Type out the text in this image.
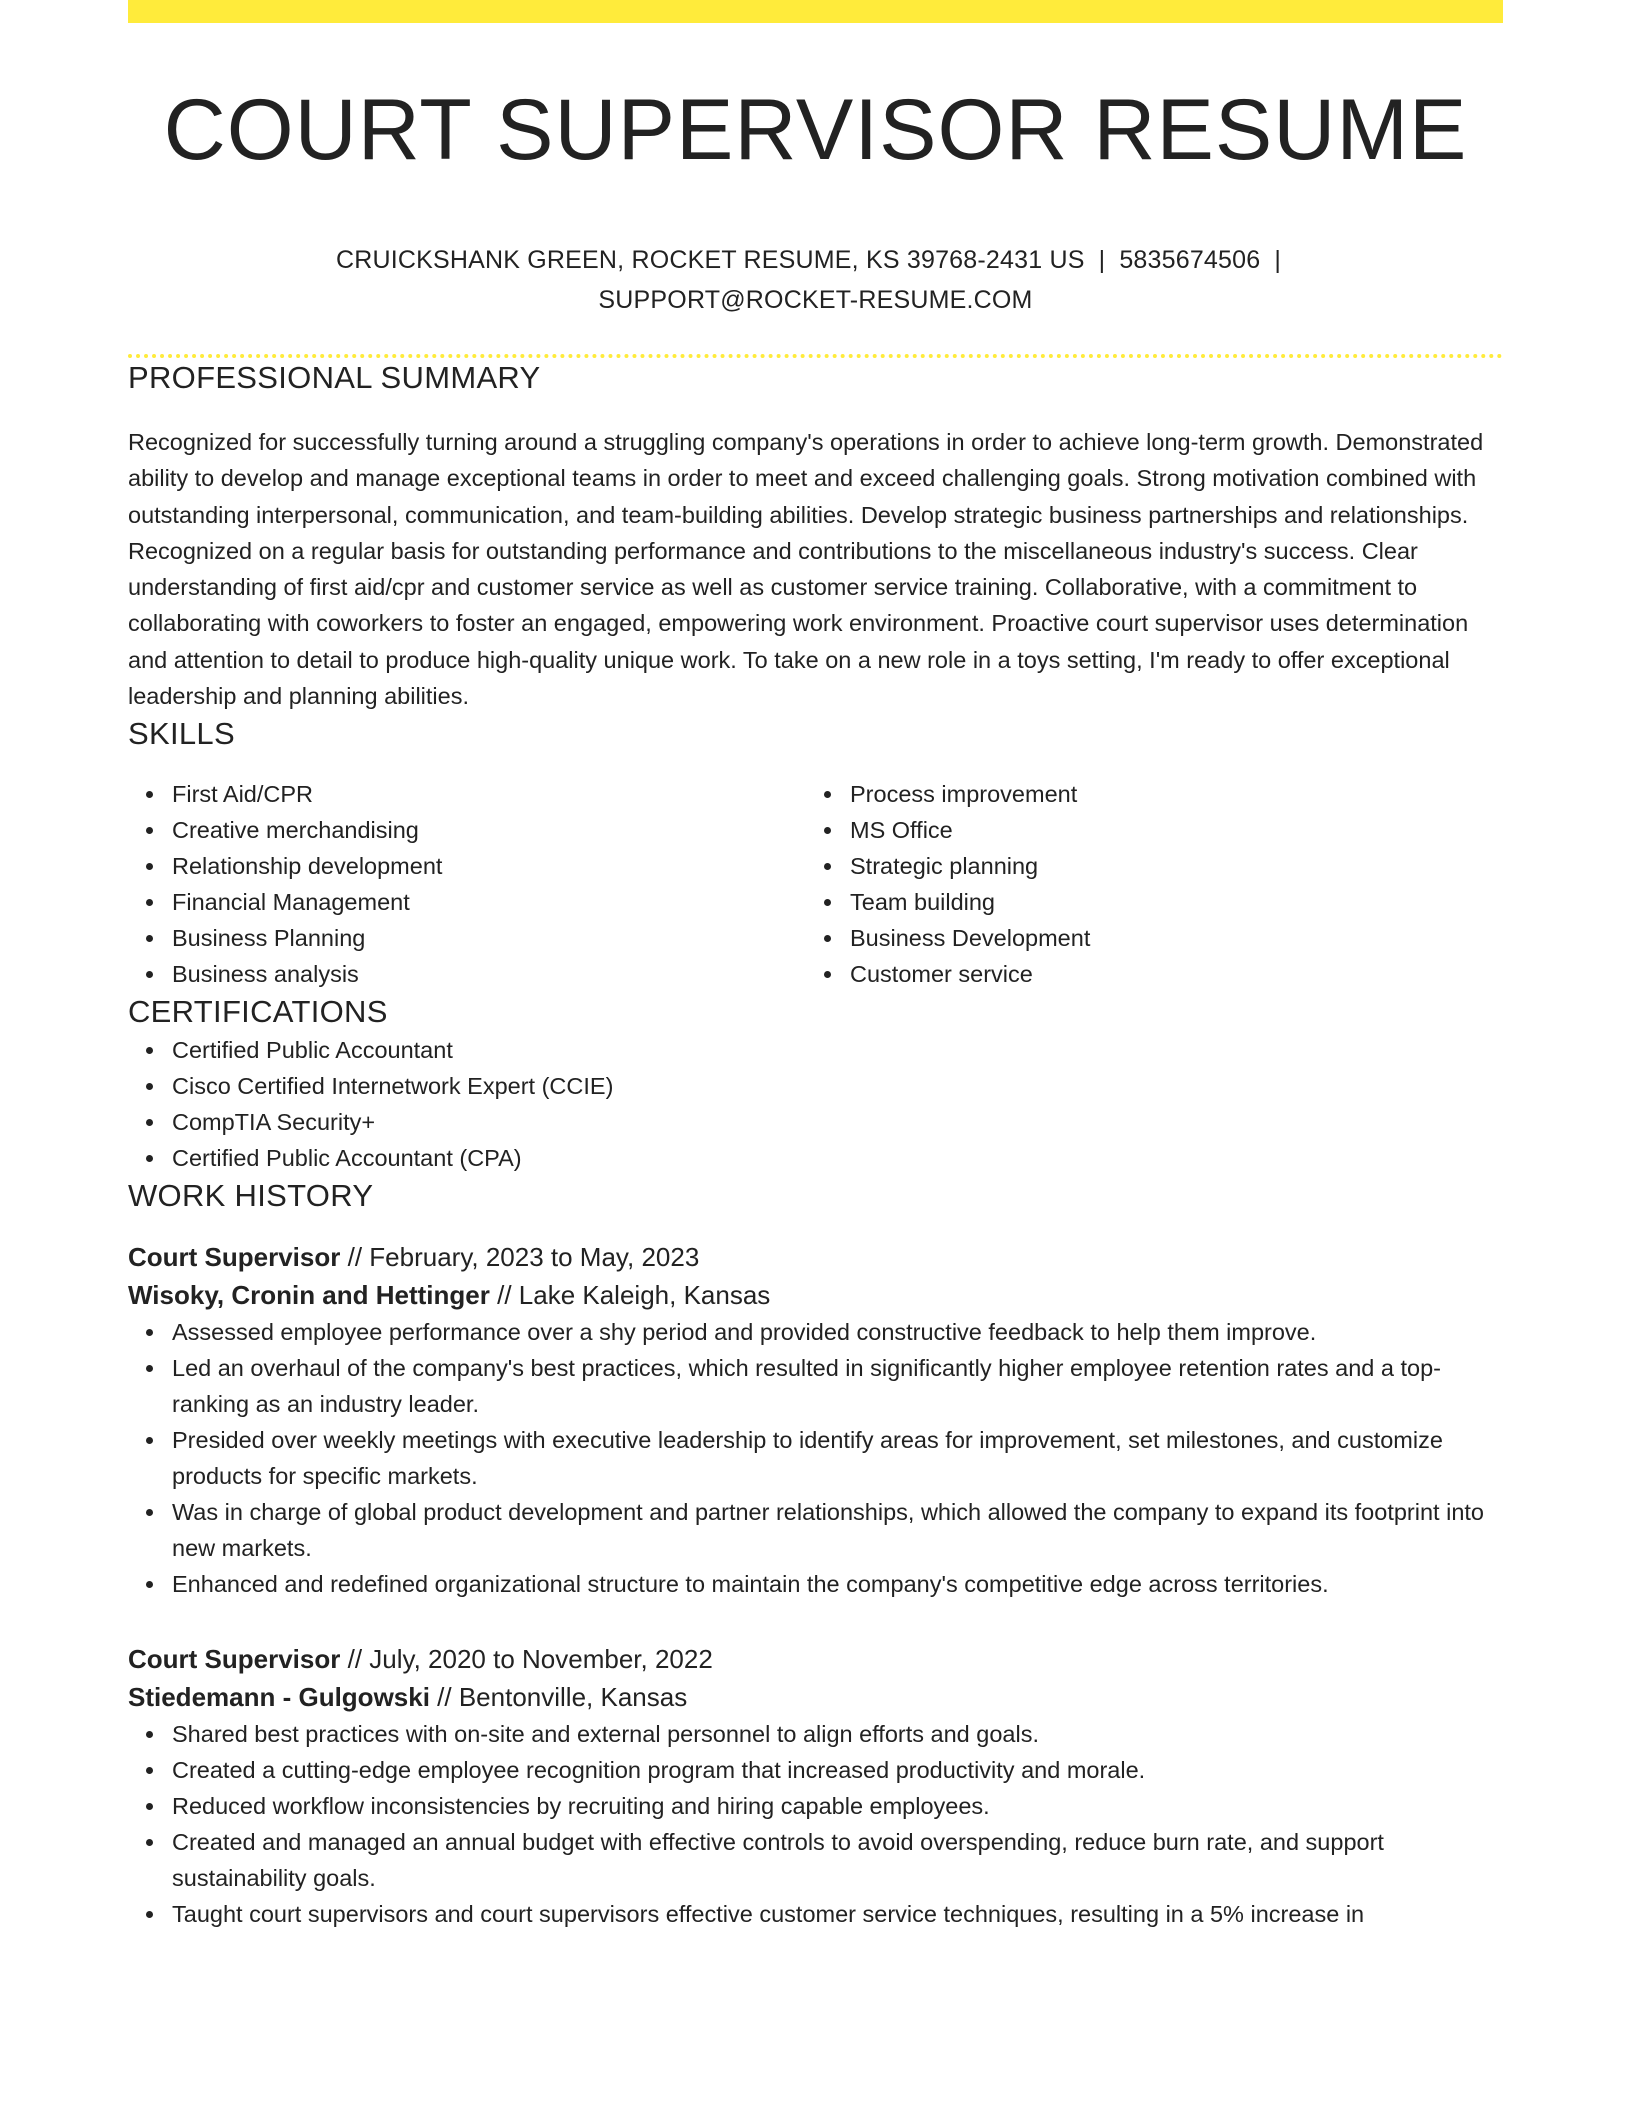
COURT SUPERVISOR RESUME
CRUICKSHANK GREEN, ROCKET RESUME, KS 39768-2431 US | 5835674506 |
SUPPORT@ROCKET-RESUME.COM
PROFESSIONAL SUMMARY

Recognized for successfully turning around a struggling company's operations in order to achieve long-term growth. Demonstrated ability to develop and manage exceptional teams in order to meet and exceed challenging goals. Strong motivation combined with outstanding interpersonal, communication, and team-building abilities. Develop strategic business partnerships and relationships. Recognized on a regular basis for outstanding performance and contributions to the miscellaneous industry's success. Clear understanding of first aid/cpr and customer service as well as customer service training. Collaborative, with a commitment to collaborating with coworkers to foster an engaged, empowering work environment. Proactive court supervisor uses determination and attention to detail to produce high-quality unique work. To take on a new role in a toys setting, I'm ready to offer exceptional leadership and planning abilities.

SKILLS
First Aid/CPR
Creative merchandising
Relationship development
Financial Management
Business Planning
Business analysis
Process improvement
MS Office
Strategic planning
Team building
Business Development
Customer service
CERTIFICATIONS
Certified Public Accountant
Cisco Certified Internetwork Expert (CCIE)
CompTIA Security+
Certified Public Accountant (CPA)
WORK HISTORY
Court Supervisor // February, 2023 to May, 2023
Wisoky, Cronin and Hettinger // Lake Kaleigh, Kansas
Assessed employee performance over a shy period and provided constructive feedback to help them improve.
Led an overhaul of the company's best practices, which resulted in significantly higher employee retention rates and a top-ranking as an industry leader.
Presided over weekly meetings with executive leadership to identify areas for improvement, set milestones, and customize products for specific markets.
Was in charge of global product development and partner relationships, which allowed the company to expand its footprint into new markets.
Enhanced and redefined organizational structure to maintain the company's competitive edge across territories.
Court Supervisor // July, 2020 to November, 2022
Stiedemann - Gulgowski // Bentonville, Kansas
Shared best practices with on-site and external personnel to align efforts and goals.
Created a cutting-edge employee recognition program that increased productivity and morale.
Reduced workflow inconsistencies by recruiting and hiring capable employees.
Created and managed an annual budget with effective controls to avoid overspending, reduce burn rate, and support sustainability goals.
Taught court supervisors and court supervisors effective customer service techniques, resulting in a 5% increase in
